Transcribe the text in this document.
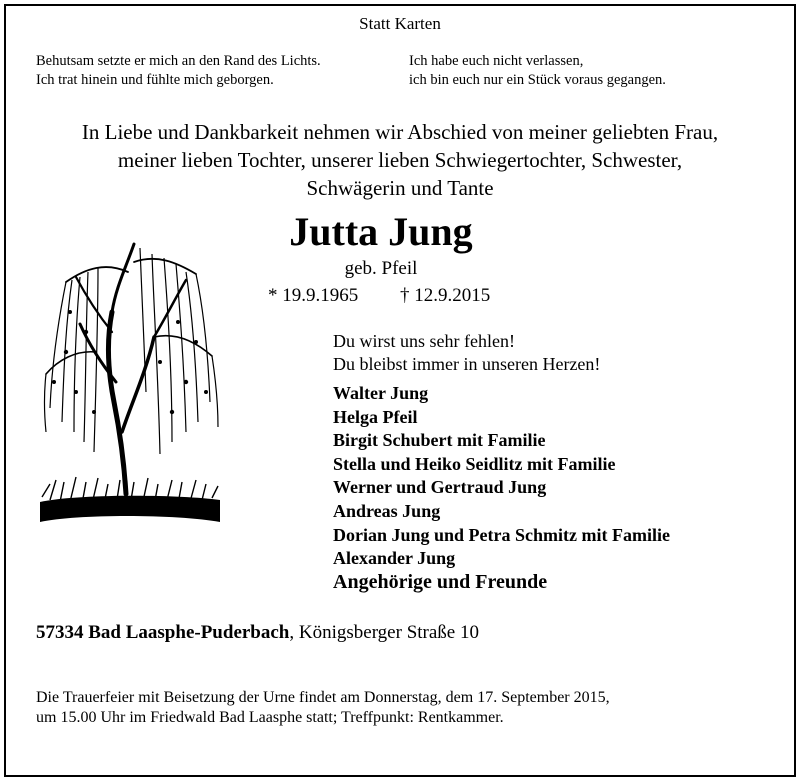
Statt Karten
Behutsam setzte er mich an den Rand des Lichts.
Ich trat hinein und fühlte mich geborgen.
Ich habe euch nicht verlassen,
ich bin euch nur ein Stück voraus gegangen.
In Liebe und Dankbarkeit nehmen wir Abschied von meiner geliebten Frau,
meiner lieben Tochter, unserer lieben Schwiegertochter, Schwester,
Schwägerin und Tante
Jutta Jung
geb. Pfeil
* 19.9.1965 † 12.9.2015
Du wirst uns sehr fehlen!
Du bleibst immer in unseren Herzen!
Walter Jung
Helga Pfeil
Birgit Schubert mit Familie
Stella und Heiko Seidlitz mit Familie
Werner und Gertraud Jung
Andreas Jung
Dorian Jung und Petra Schmitz mit Familie
Alexander Jung
Angehörige und Freunde
57334 Bad Laasphe-Puderbach, Königsberger Straße 10
Die Trauerfeier mit Beisetzung der Urne findet am Donnerstag, dem 17. September 2015,
um 15.00 Uhr im Friedwald Bad Laasphe statt; Treffpunkt: Rentkammer.
